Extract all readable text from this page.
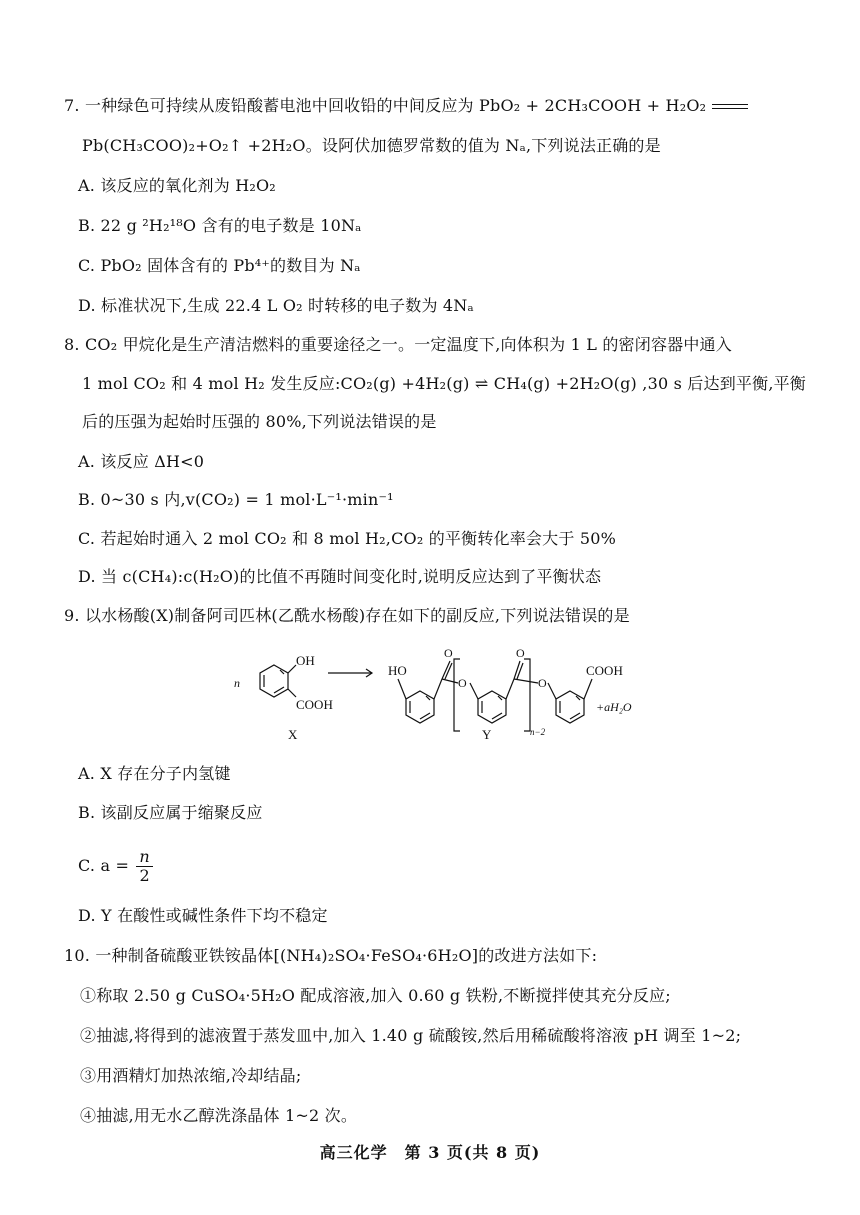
7. 一种绿色可持续从废铅酸蓄电池中回收铅的中间反应为 PbO₂ + 2CH₃COOH + H₂O₂
Pb(CH₃COO)₂+O₂↑ +2H₂O。设阿伏加德罗常数的值为 Nₐ,下列说法正确的是
A. 该反应的氧化剂为 H₂O₂
B. 22 g ²H₂¹⁸O 含有的电子数是 10Nₐ
C. PbO₂ 固体含有的 Pb⁴⁺的数目为 Nₐ
D. 标准状况下,生成 22.4 L O₂ 时转移的电子数为 4Nₐ
8. CO₂ 甲烷化是生产清洁燃料的重要途径之一。一定温度下,向体积为 1 L 的密闭容器中通入
1 mol CO₂ 和 4 mol H₂ 发生反应:CO₂(g) +4H₂(g) ⇌ CH₄(g) +2H₂O(g) ,30 s 后达到平衡,平衡
后的压强为起始时压强的 80%,下列说法错误的是
A. 该反应 ΔH<0
B. 0~30 s 内,v(CO₂) = 1 mol·L⁻¹·min⁻¹
C. 若起始时通入 2 mol CO₂ 和 8 mol H₂,CO₂ 的平衡转化率会大于 50%
D. 当 c(CH₄):c(H₂O)的比值不再随时间变化时,说明反应达到了平衡状态
9. 以水杨酸(X)制备阿司匹林(乙酰水杨酸)存在如下的副反应,下列说法错误的是
n
OH
COOH
X
HO
O
O
O
O
COOH
n−2
+aH₂O
Y
A. X 存在分子内氢键
B. 该副反应属于缩聚反应
C. $a = \frac{n}{2}$
D. Y 在酸性或碱性条件下均不稳定
10. 一种制备硫酸亚铁铵晶体[(NH₄)₂SO₄·FeSO₄·6H₂O]的改进方法如下:
①称取 2.50 g CuSO₄·5H₂O 配成溶液,加入 0.60 g 铁粉,不断搅拌使其充分反应;
②抽滤,将得到的滤液置于蒸发皿中,加入 1.40 g 硫酸铵,然后用稀硫酸将溶液 pH 调至 1~2;
③用酒精灯加热浓缩,冷却结晶;
④抽滤,用无水乙醇洗涤晶体 1~2 次。
高三化学　第 3 页(共 8 页)
